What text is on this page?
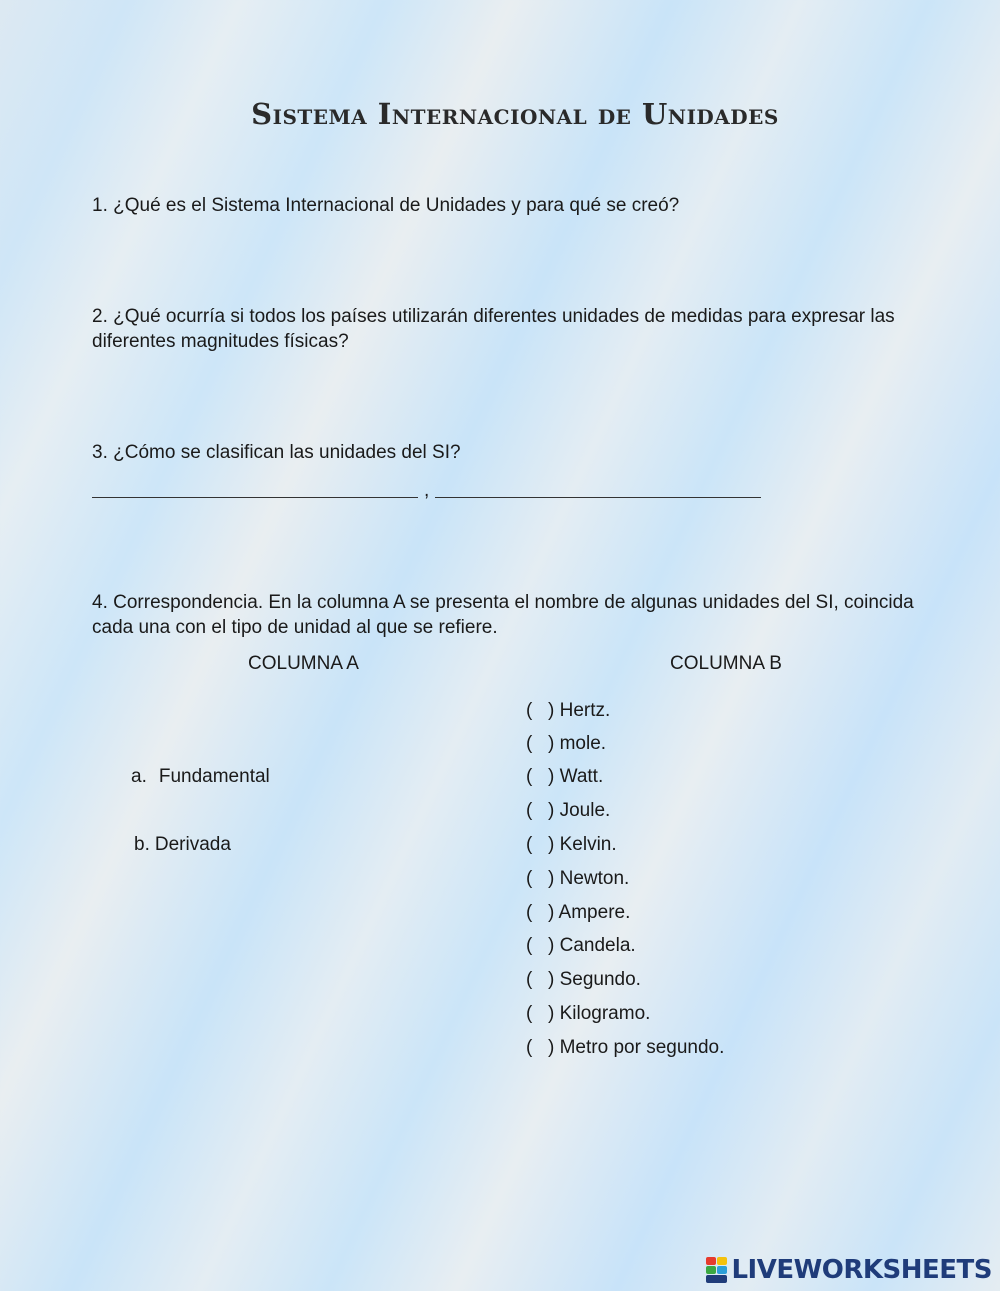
Sistema Internacional de Unidades
1. ¿Qué es el Sistema Internacional de Unidades y para qué se creó?
2. ¿Qué ocurría si todos los países utilizarán diferentes unidades de medidas para expresar las
diferentes magnitudes físicas?
3. ¿Cómo se clasifican las unidades del SI?
,
4. Correspondencia. En la columna A se presenta el nombre de algunas unidades del SI, coincida
cada una con el tipo de unidad al que se refiere.
COLUMNA A	COLUMNA B
a. Fundamental
b. Derivada
( ) Hertz.
( ) mole.
( ) Watt.
( ) Joule.
( ) Kelvin.
( ) Newton.
( ) Ampere.
( ) Candela.
( ) Segundo.
( ) Kilogramo.
( ) Metro por segundo.
LIVEWORKSHEETS
